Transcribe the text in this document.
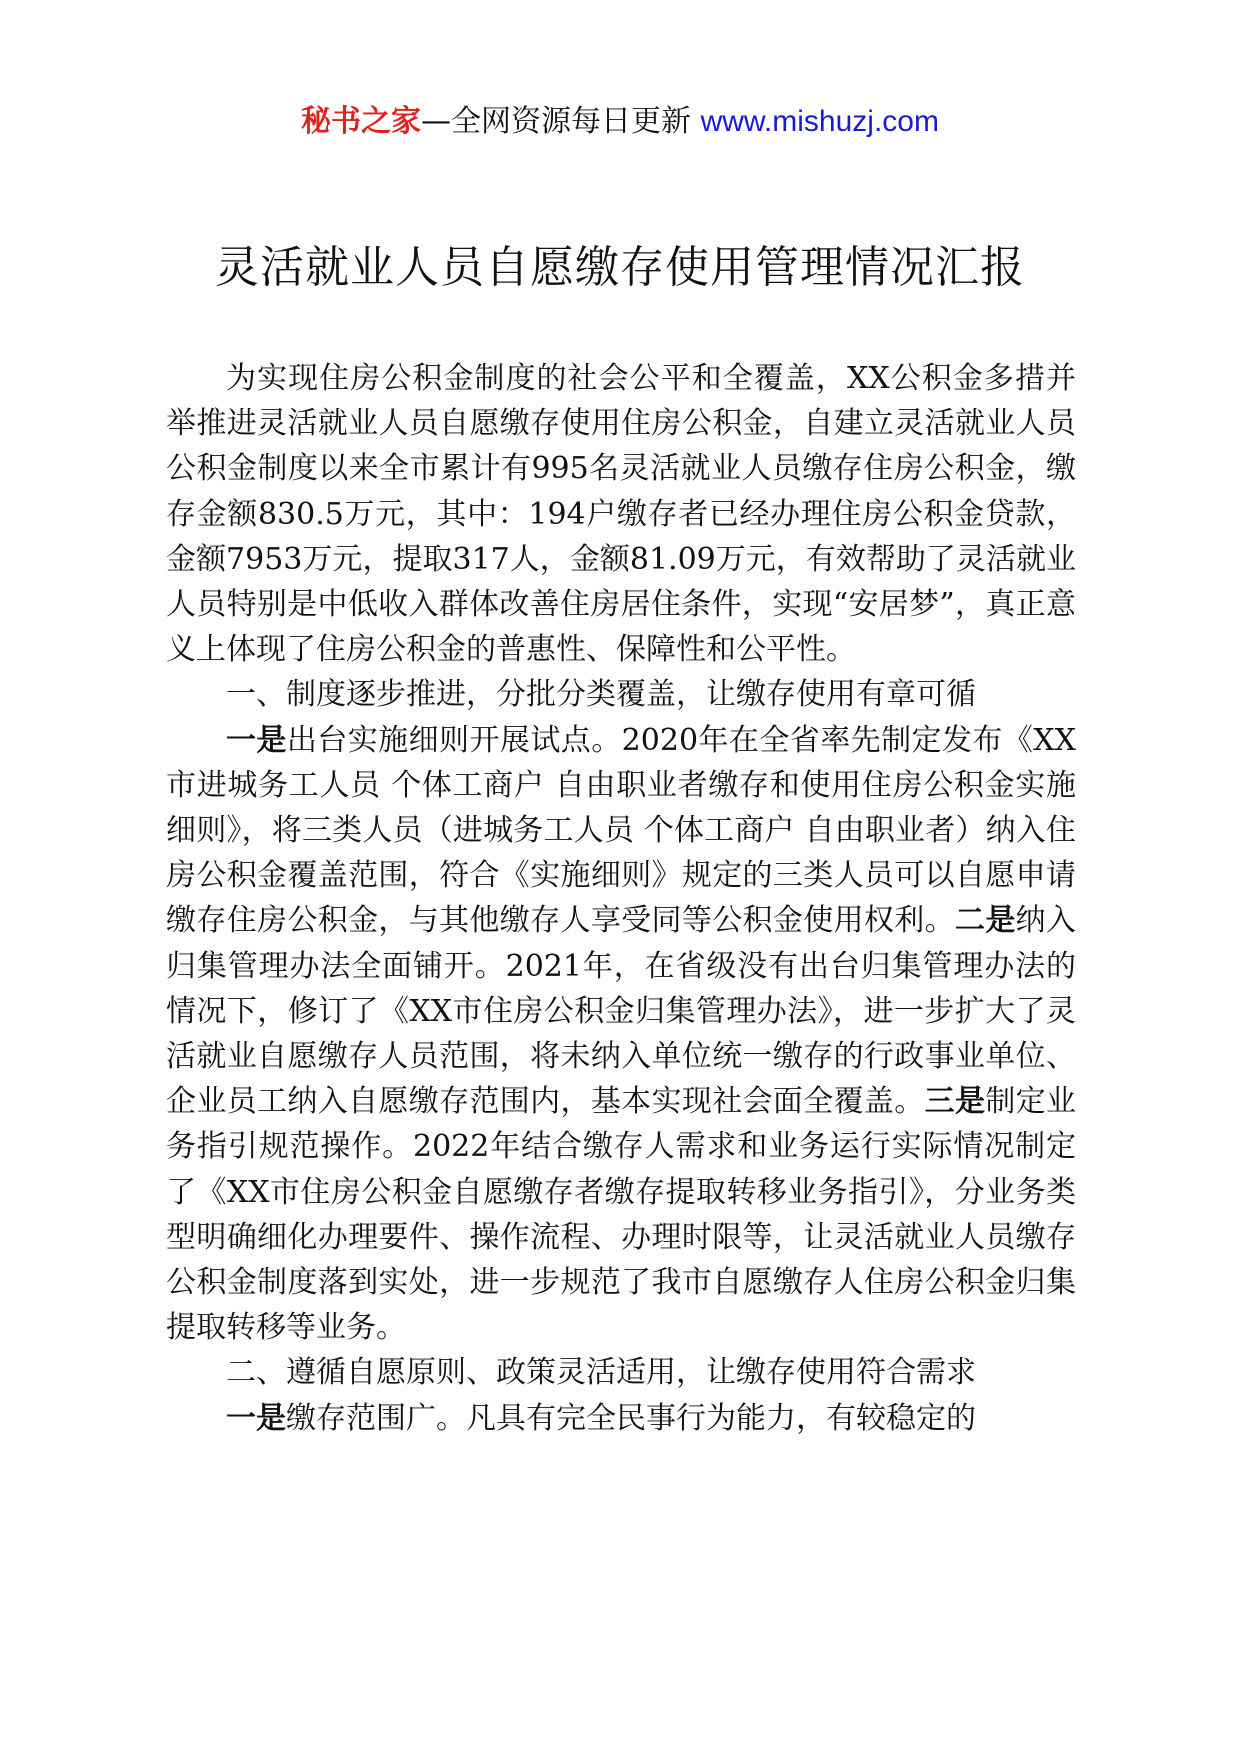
秘书之家—全网资源每日更新 www.mishuzj.com
灵活就业人员自愿缴存使用管理情况汇报

为实现住房公积金制度的社会公平和全覆盖，XX公积金多措并举推进灵活就业人员自愿缴存使用住房公积金，自建立灵活就业人员公积金制度以来全市累计有995名灵活就业人员缴存住房公积金，缴存金额830.5万元，其中：194户缴存者已经办理住房公积金贷款，金额7953万元，提取317人，金额81.09万元，有效帮助了灵活就业人员特别是中低收入群体改善住房居住条件，实现“安居梦”，真正意义上体现了住房公积金的普惠性、保障性和公平性。

一、制度逐步推进，分批分类覆盖，让缴存使用有章可循

一是出台实施细则开展试点。2020年在全省率先制定发布《XX市进城务工人员 个体工商户 自由职业者缴存和使用住房公积金实施细则》，将三类人员（进城务工人员 个体工商户 自由职业者）纳入住房公积金覆盖范围，符合《实施细则》规定的三类人员可以自愿申请缴存住房公积金，与其他缴存人享受同等公积金使用权利。二是纳入归集管理办法全面铺开。2021年，在省级没有出台归集管理办法的情况下，修订了《XX市住房公积金归集管理办法》，进一步扩大了灵活就业自愿缴存人员范围，将未纳入单位统一缴存的行政事业单位、企业员工纳入自愿缴存范围内，基本实现社会面全覆盖。三是制定业务指引规范操作。2022年结合缴存人需求和业务运行实际情况制定了《XX市住房公积金自愿缴存者缴存提取转移业务指引》，分业务类型明确细化办理要件、操作流程、办理时限等，让灵活就业人员缴存公积金制度落到实处，进一步规范了我市自愿缴存人住房公积金归集提取转移等业务。

二、遵循自愿原则、政策灵活适用，让缴存使用符合需求

一是缴存范围广。凡具有完全民事行为能力，有较稳定的
